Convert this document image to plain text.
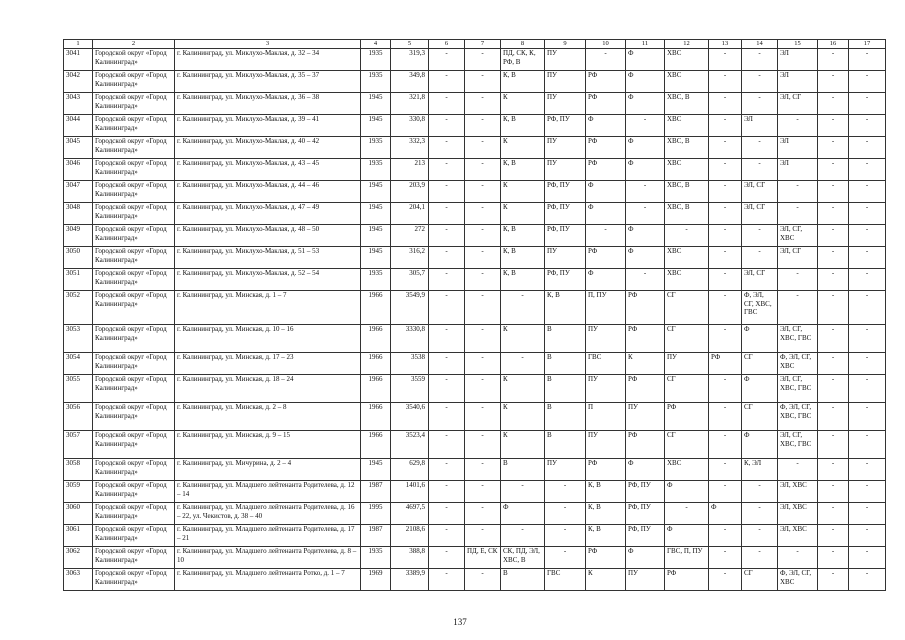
1	2	3	4	5	6	7	8	9	10	11	12	13	14	15	16	17
3041	Городской округ «Город Калининград»	г. Калининград, ул. Миклухо-Маклая, д. 32 – 34	1935	319,3	-	-	ПД, СК, К, РФ, В	ПУ	-	Ф	ХВС	-	-	ЭЛ	-	-
3042	Городской округ «Город Калининград»	г. Калининград, ул. Миклухо-Маклая, д. 35 – 37	1935	349,8	-	-	К, В	ПУ	РФ	Ф	ХВС	-	-	ЭЛ	-	-
3043	Городской округ «Город Калининград»	г. Калининград, ул. Миклухо-Маклая, д. 36 – 38	1945	321,8	-	-	К	ПУ	РФ	Ф	ХВС, В	-	-	ЭЛ, СГ	-	-
3044	Городской округ «Город Калининград»	г. Калининград, ул. Миклухо-Маклая, д. 39 – 41	1945	330,8	-	-	К, В	РФ, ПУ	Ф	-	ХВС	-	ЭЛ	-	-	-
3045	Городской округ «Город Калининград»	г. Калининград, ул. Миклухо-Маклая, д. 40 – 42	1935	332,3	-	-	К	ПУ	РФ	Ф	ХВС, В	-	-	ЭЛ	-	-
3046	Городской округ «Город Калининград»	г. Калининград, ул. Миклухо-Маклая, д. 43 – 45	1935	213	-	-	К, В	ПУ	РФ	Ф	ХВС	-	-	ЭЛ	-	-
3047	Городской округ «Город Калининград»	г. Калининград, ул. Миклухо-Маклая, д. 44 – 46	1945	203,9	-	-	К	РФ, ПУ	Ф	-	ХВС, В	-	ЭЛ, СГ	-	-	-
3048	Городской округ «Город Калининград»	г. Калининград, ул. Миклухо-Маклая, д. 47 – 49	1945	204,1	-	-	К	РФ, ПУ	Ф	-	ХВС, В	-	ЭЛ, СГ	-	-	-
3049	Городской округ «Город Калининград»	г. Калининград, ул. Миклухо-Маклая, д. 48 – 50	1945	272	-	-	К, В	РФ, ПУ	-	Ф	-	-	-	ЭЛ, СГ, ХВС	-	-
3050	Городской округ «Город Калининград»	г. Калининград, ул. Миклухо-Маклая, д. 51 – 53	1945	316,2	-	-	К, В	ПУ	РФ	Ф	ХВС	-	-	ЭЛ, СГ	-	-
3051	Городской округ «Город Калининград»	г. Калининград, ул. Миклухо-Маклая, д. 52 – 54	1935	305,7	-	-	К, В	РФ, ПУ	Ф	-	ХВС	-	ЭЛ, СГ	-	-	-
3052	Городской округ «Город Калининград»	г. Калининград, ул. Минская, д. 1 – 7	1966	3549,9	-	-	-	К, В	П, ПУ	РФ	СГ	-	Ф, ЭЛ, СГ, ХВС, ГВС	-	-	-
3053	Городской округ «Город Калининград»	г. Калининград, ул. Минская, д. 10 – 16	1966	3330,8	-	-	К	В	ПУ	РФ	СГ	-	Ф	ЭЛ, СГ, ХВС, ГВС	-	-
3054	Городской округ «Город Калининград»	г. Калининград, ул. Минская, д. 17 – 23	1966	3538	-	-	-	В	ГВС	К	ПУ	РФ	СГ	Ф, ЭЛ, СГ, ХВС	-	-
3055	Городской округ «Город Калининград»	г. Калининград, ул. Минская, д. 18 – 24	1966	3559	-	-	К	В	ПУ	РФ	СГ	-	Ф	ЭЛ, СГ, ХВС, ГВС	-	-
3056	Городской округ «Город Калининград»	г. Калининград, ул. Минская, д. 2 – 8	1966	3540,6	-	-	К	В	П	ПУ	РФ	-	СГ	Ф, ЭЛ, СГ, ХВС, ГВС	-	-
3057	Городской округ «Город Калининград»	г. Калининград, ул. Минская, д. 9 – 15	1966	3523,4	-	-	К	В	ПУ	РФ	СГ	-	Ф	ЭЛ, СГ, ХВС, ГВС	-	-
3058	Городской округ «Город Калининград»	г. Калининград, ул. Мичурина, д. 2 – 4	1945	629,8	-	-	В	ПУ	РФ	Ф	ХВС	-	К, ЭЛ	-	-	-
3059	Городской округ «Город Калининград»	г. Калининград, ул. Младшего лейтенанта Родителева, д. 12 – 14	1987	1401,6	-	-	-	-	К, В	РФ, ПУ	Ф	-	-	ЭЛ, ХВС	-	-
3060	Городской округ «Город Калининград»	г. Калининград, ул. Младшего лейтенанта Родителева, д. 16 – 22, ул. Чекистов, д. 38 – 40	1995	4697,5	-	-	Ф	-	К, В	РФ, ПУ	-	Ф	-	ЭЛ, ХВС	-	-
3061	Городской округ «Город Калининград»	г. Калининград, ул. Младшего лейтенанта Родителева, д. 17 – 21	1987	2108,6	-	-	-	-	К, В	РФ, ПУ	Ф	-	-	ЭЛ, ХВС	-	-
3062	Городской округ «Город Калининград»	г. Калининград, ул. Младшего лейтенанта Родителева, д. 8 – 10	1935	388,8	-	ПД, Е, СК	СК, ПД, ЭЛ, ХВС, В	-	РФ	Ф	ГВС, П, ПУ	-	-	-	-	-
3063	Городской округ «Город Калининград»	г. Калининград, ул. Младшего лейтенанта Ротко, д. 1 – 7	1969	3389,9	-	-	В	ГВС	К	ПУ	РФ	-	СГ	Ф, ЭЛ, СГ, ХВС	-	-
137
